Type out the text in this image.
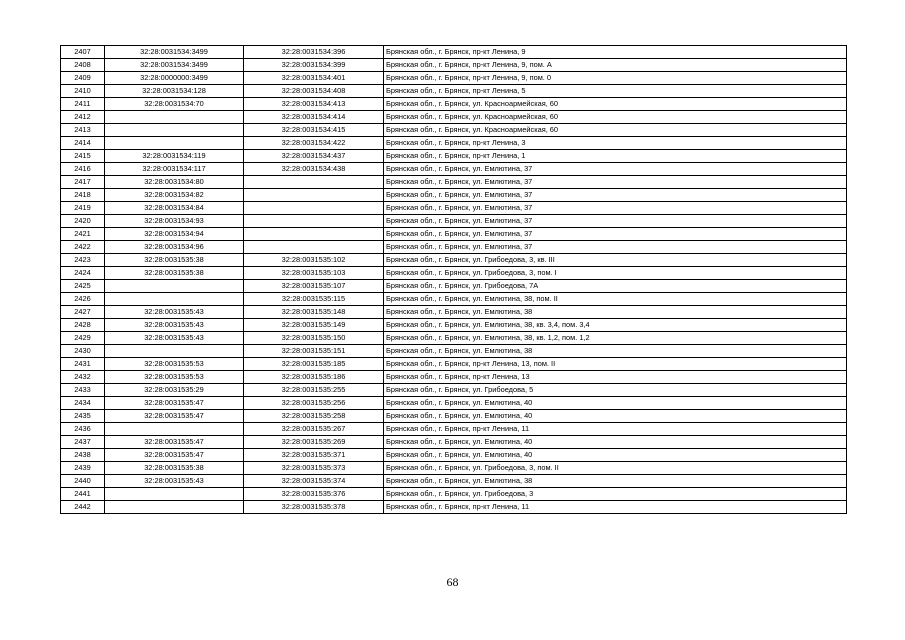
2407	32:28:0031534:3499	32:28:0031534:396	Брянская обл., г. Брянск, пр-кт Ленина, 9
2408	32:28:0031534:3499	32:28:0031534:399	Брянская обл., г. Брянск, пр-кт Ленина, 9, пом. А
2409	32:28:0000000:3499	32:28:0031534:401	Брянская обл., г. Брянск, пр-кт Ленина, 9, пом. 0
2410	32:28:0031534:128	32:28:0031534:408	Брянская обл., г. Брянск, пр-кт Ленина, 5
2411	32:28:0031534:70	32:28:0031534:413	Брянская обл., г. Брянск, ул. Красноармейская, 60
2412		32:28:0031534:414	Брянская обл., г. Брянск, ул. Красноармейская, 60
2413		32:28:0031534:415	Брянская обл., г. Брянск, ул. Красноармейская, 60
2414		32:28:0031534:422	Брянская обл., г. Брянск, пр-кт Ленина, 3
2415	32:28:0031534:119	32:28:0031534:437	Брянская обл., г. Брянск, пр-кт Ленина, 1
2416	32:28:0031534:117	32:28:0031534:438	Брянская обл., г. Брянск, ул. Емлютина, 37
2417	32:28:0031534:80		Брянская обл., г. Брянск, ул. Емлютина, 37
2418	32:28:0031534:82		Брянская обл., г. Брянск, ул. Емлютина, 37
2419	32:28:0031534:84		Брянская обл., г. Брянск, ул. Емлютина, 37
2420	32:28:0031534:93		Брянская обл., г. Брянск, ул. Емлютина, 37
2421	32:28:0031534:94		Брянская обл., г. Брянск, ул. Емлютина, 37
2422	32:28:0031534:96		Брянская обл., г. Брянск, ул. Емлютина, 37
2423	32:28:0031535:38	32:28:0031535:102	Брянская обл., г. Брянск, ул. Грибоедова, 3, кв. III
2424	32:28:0031535:38	32:28:0031535:103	Брянская обл., г. Брянск, ул. Грибоедова, 3, пом. I
2425		32:28:0031535:107	Брянская обл., г. Брянск, ул. Грибоедова, 7А
2426		32:28:0031535:115	Брянская обл., г. Брянск, ул. Емлютина, 38, пом. II
2427	32:28:0031535:43	32:28:0031535:148	Брянская обл., г. Брянск, ул. Емлютина, 38
2428	32:28:0031535:43	32:28:0031535:149	Брянская обл., г. Брянск, ул. Емлютина, 38, кв. 3,4, пом. 3,4
2429	32:28:0031535:43	32:28:0031535:150	Брянская обл., г. Брянск, ул. Емлютина, 38, кв. 1,2, пом. 1,2
2430		32:28:0031535:151	Брянская обл., г. Брянск, ул. Емлютина, 38
2431	32:28:0031535:53	32:28:0031535:185	Брянская обл., г. Брянск, пр-кт Ленина, 13, пом. II
2432	32:28:0031535:53	32:28:0031535:186	Брянская обл., г. Брянск, пр-кт Ленина, 13
2433	32:28:0031535:29	32:28:0031535:255	Брянская обл., г. Брянск, ул. Грибоедова, 5
2434	32:28:0031535:47	32:28:0031535:256	Брянская обл., г. Брянск, ул. Емлютина, 40
2435	32:28:0031535:47	32:28:0031535:258	Брянская обл., г. Брянск, ул. Емлютина, 40
2436		32:28:0031535:267	Брянская обл., г. Брянск, пр-кт Ленина, 11
2437	32:28:0031535:47	32:28:0031535:269	Брянская обл., г. Брянск, ул. Емлютина, 40
2438	32:28:0031535:47	32:28:0031535:371	Брянская обл., г. Брянск, ул. Емлютина, 40
2439	32:28:0031535:38	32:28:0031535:373	Брянская обл., г. Брянск, ул. Грибоедова, 3, пом. II
2440	32:28:0031535:43	32:28:0031535:374	Брянская обл., г. Брянск, ул. Емлютина, 38
2441		32:28:0031535:376	Брянская обл., г. Брянск, ул. Грибоедова, 3
2442		32:28:0031535:378	Брянская обл., г. Брянск, пр-кт Ленина, 11
68
